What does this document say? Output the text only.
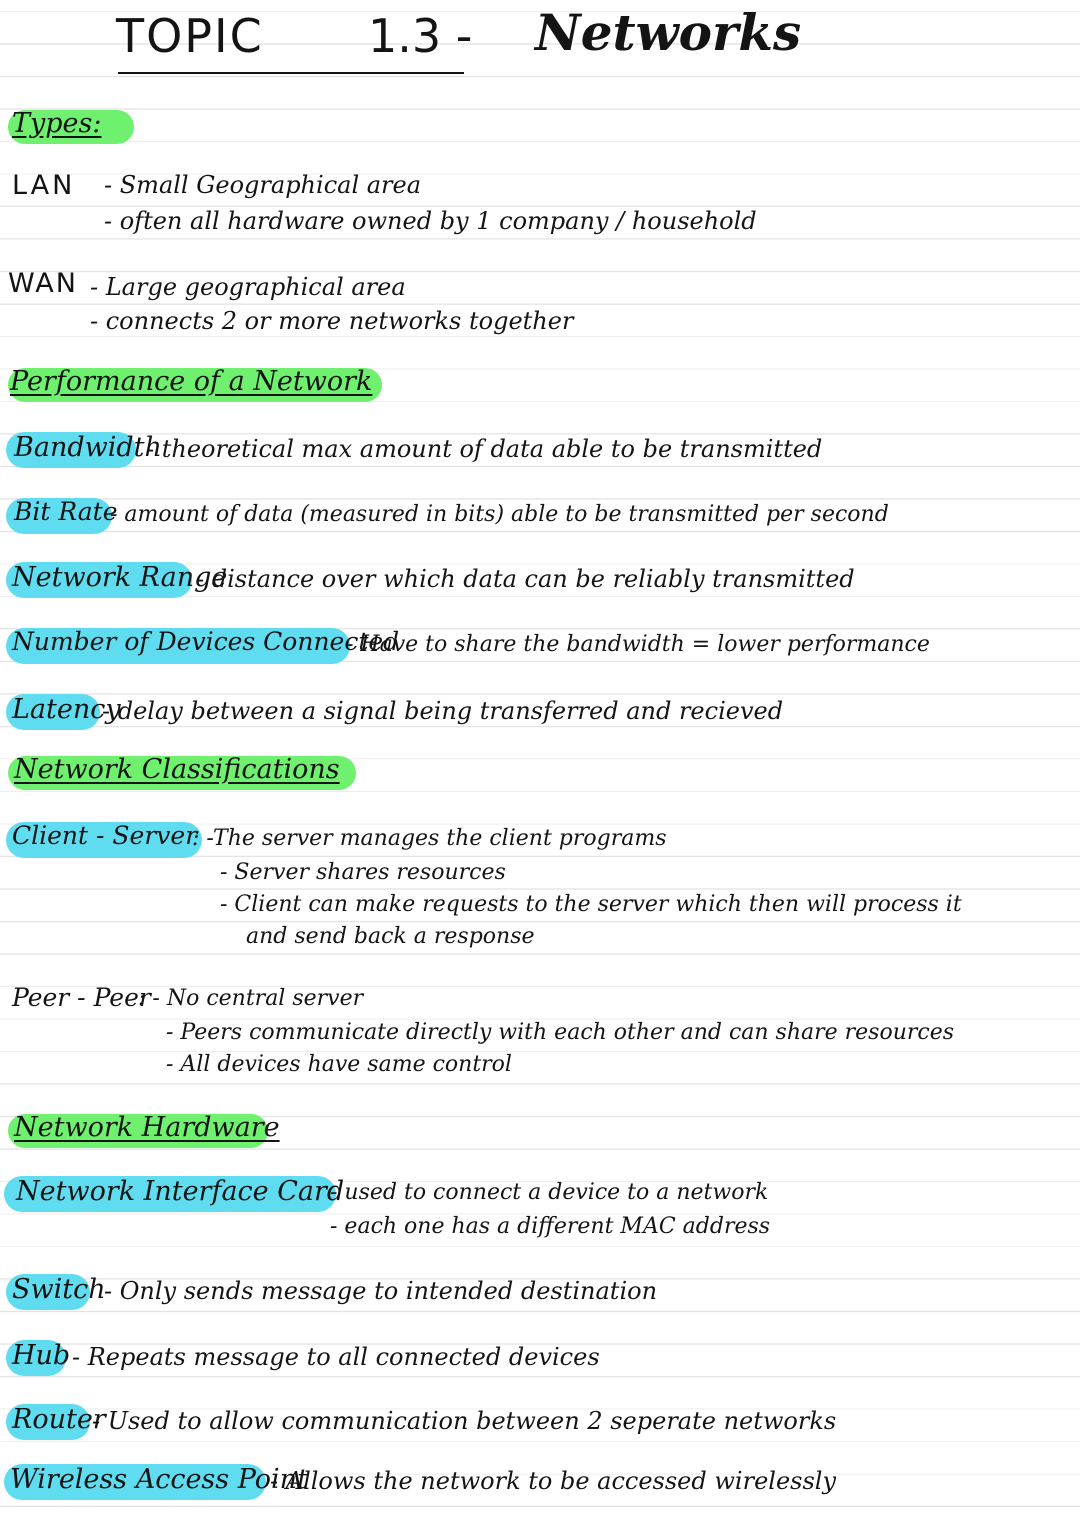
TOPIC 1.3 - Networks
Types:
LAN - Small Geographical area
- often all hardware owned by 1 company / household
WAN - Large geographical area
- connects 2 or more networks together
Performance of a Network
Bandwidth
- theoretical max amount of data able to be transmitted
Bit Rate
- amount of data (measured in bits) able to be transmitted per second
Network Range
- distance over which data can be reliably transmitted
Number of Devices Connected
- Have to share the bandwidth = lower performance
Latency
- delay between a signal being transferred and recieved
Network Classifications
Client - Server
: -The server manages the client programs
- Server shares resources
- Client can make requests to the server which then will process it
and send back a response
Peer - Peer
: - No central server
- Peers communicate directly with each other and can share resources
- All devices have same control
Network Hardware
Network Interface Card
- used to connect a device to a network
- each one has a different MAC address
Switch
- Only sends message to intended destination
Hub - Repeats message to all connected devices
Router
- Used to allow communication between 2 seperate networks
Wireless Access Point
- Allows the network to be accessed wirelessly
